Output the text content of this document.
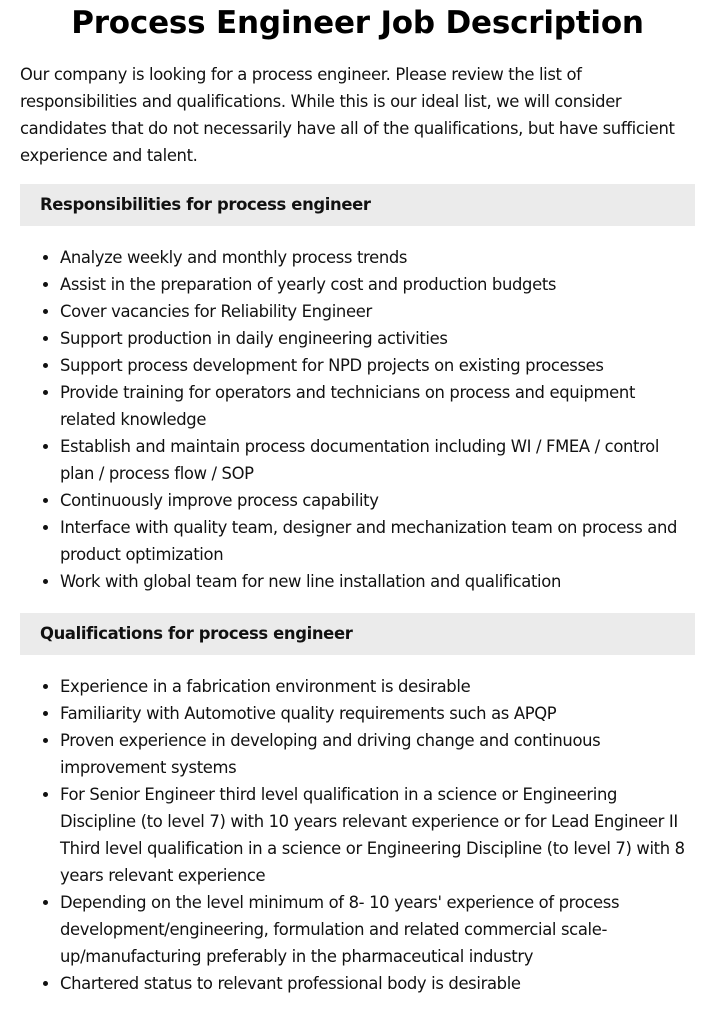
Process Engineer Job Description

Our company is looking for a process engineer. Please review the list of responsibilities and qualifications. While this is our ideal list, we will consider candidates that do not necessarily have all of the qualifications, but have sufficient experience and talent.

Responsibilities for process engineer
• Analyze weekly and monthly process trends
• Assist in the preparation of yearly cost and production budgets
• Cover vacancies for Reliability Engineer
• Support production in daily engineering activities
• Support process development for NPD projects on existing processes
• Provide training for operators and technicians on process and equipment related knowledge
• Establish and maintain process documentation including WI / FMEA / control plan / process flow / SOP
• Continuously improve process capability
• Interface with quality team, designer and mechanization team on process and product optimization
• Work with global team for new line installation and qualification
Qualifications for process engineer
• Experience in a fabrication environment is desirable
• Familiarity with Automotive quality requirements such as APQP
• Proven experience in developing and driving change and continuous improvement systems
• For Senior Engineer third level qualification in a science or Engineering Discipline (to level 7) with 10 years relevant experience or for Lead Engineer II Third level qualification in a science or Engineering Discipline (to level 7) with 8 years relevant experience
• Depending on the level minimum of 8- 10 years' experience of process development/engineering, formulation and related commercial scale-up/manufacturing preferably in the pharmaceutical industry
• Chartered status to relevant professional body is desirable
